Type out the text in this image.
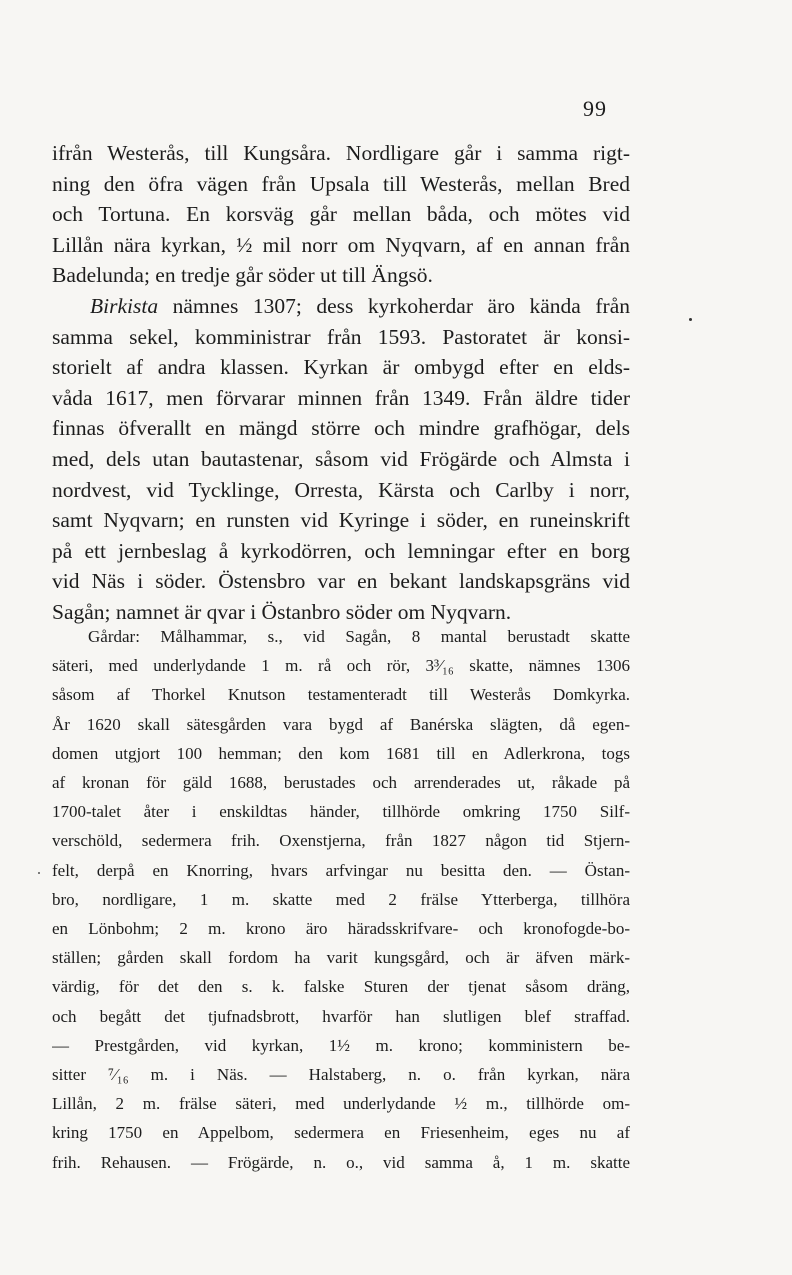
99
ifrån Westerås, till Kungsåra. Nordligare går i samma rigt-
ning den öfra vägen från Upsala till Westerås, mellan Bred
och Tortuna. En korsväg går mellan båda, och mötes vid
Lillån nära kyrkan, ½ mil norr om Nyqvarn, af en annan från
Badelunda; en tredje går söder ut till Ängsö.
Birkista nämnes 1307; dess kyrkoherdar äro kända från
samma sekel, komministrar från 1593. Pastoratet är konsi-
storielt af andra klassen. Kyrkan är ombygd efter en elds-
våda 1617, men förvarar minnen från 1349. Från äldre tider
finnas öfverallt en mängd större och mindre grafhögar, dels
med, dels utan bautastenar, såsom vid Frögärde och Almsta i
nordvest, vid Tycklinge, Orresta, Kärsta och Carlby i norr,
samt Nyqvarn; en runsten vid Kyringe i söder, en runeinskrift
på ett jernbeslag å kyrkodörren, och lemningar efter en borg
vid Näs i söder. Östensbro var en bekant landskapsgräns vid
Sagån; namnet är qvar i Östanbro söder om Nyqvarn.
Gårdar: Målhammar, s., vid Sagån, 8 mantal berustadt skatte
säteri, med underlydande 1 m. rå och rör, 3³⁄₁₆ skatte, nämnes 1306
såsom af Thorkel Knutson testamenteradt till Westerås Domkyrka.
År 1620 skall sätesgården vara bygd af Banérska slägten, då egen-
domen utgjort 100 hemman; den kom 1681 till en Adlerkrona, togs
af kronan för gäld 1688, berustades och arrenderades ut, råkade på
1700-talet åter i enskildtas händer, tillhörde omkring 1750 Silf-
verschöld, sedermera frih. Oxenstjerna, från 1827 någon tid Stjern-
felt, derpå en Knorring, hvars arfvingar nu besitta den. — Östan-
bro, nordligare, 1 m. skatte med 2 frälse Ytterberga, tillhöra
en Lönbohm; 2 m. krono äro häradsskrifvare- och kronofogde-bo-
ställen; gården skall fordom ha varit kungsgård, och är äfven märk-
värdig, för det den s. k. falske Sturen der tjenat såsom dräng,
och begått det tjufnadsbrott, hvarför han slutligen blef straffad.
— Prestgården, vid kyrkan, 1½ m. krono; komministern be-
sitter ⁷⁄₁₆ m. i Näs. — Halstaberg, n. o. från kyrkan, nära
Lillån, 2 m. frälse säteri, med underlydande ½ m., tillhörde om-
kring 1750 en Appelbom, sedermera en Friesenheim, eges nu af
frih. Rehausen. — Frögärde, n. o., vid samma å, 1 m. skatte
